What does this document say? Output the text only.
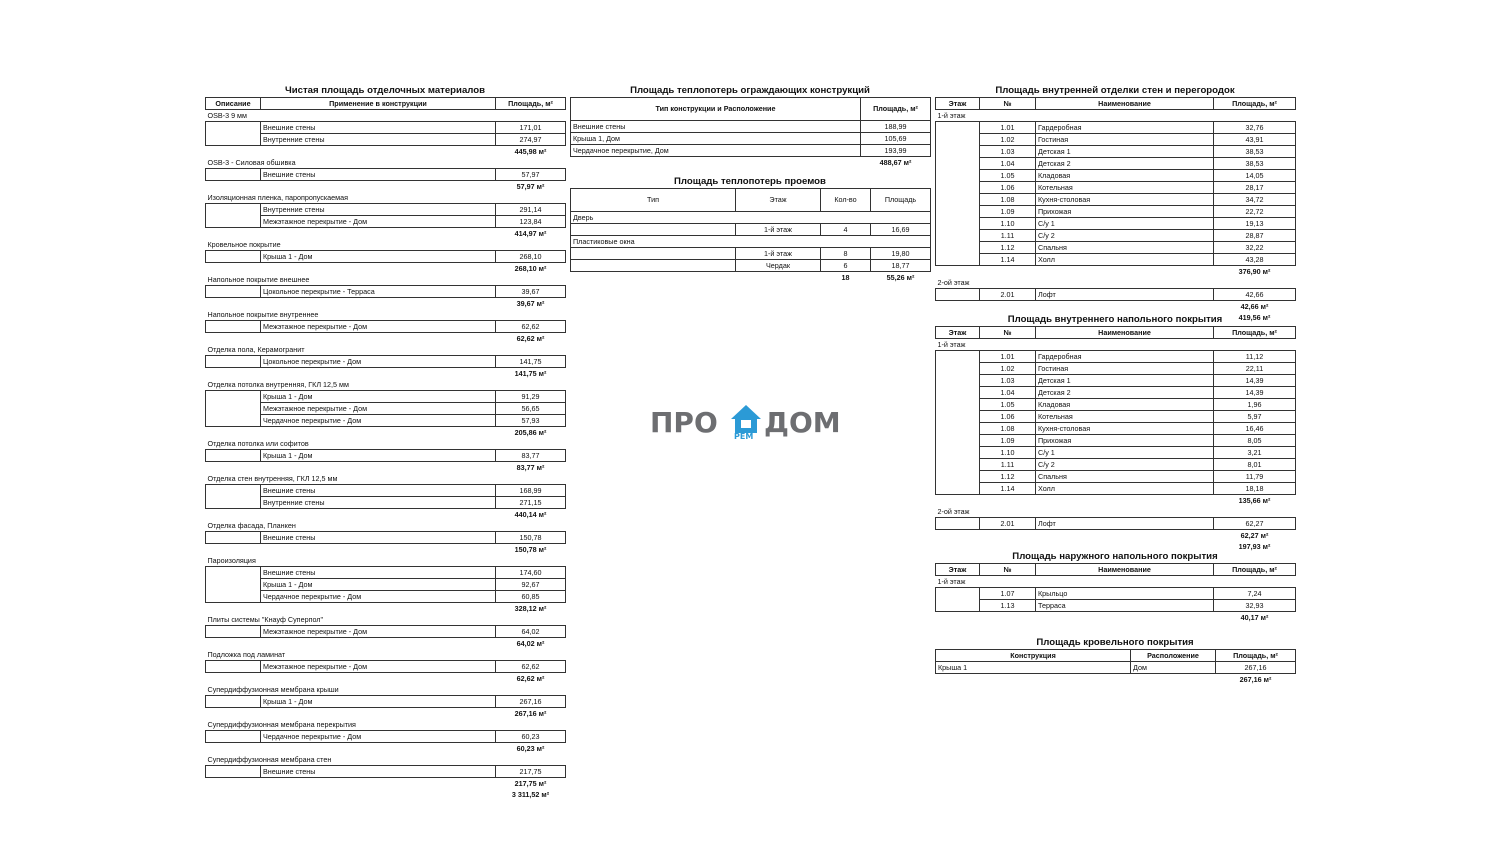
Чистая площадь отделочных материалов
Описание	Применение в конструкции	Площадь, м²
OSB-3 9 мм		
	Внешние стены	171,01
	Внутренние стены	274,97
		445,98 м²
OSB-3 - Силовая обшивка		
	Внешние стены	57,97
		57,97 м²
Изоляционная пленка, паропропускаемая		
	Внутренние стены	291,14
	Межэтажное перекрытие - Дом	123,84
		414,97 м²
Кровельное покрытие		
	Крыша 1 - Дом	268,10
		268,10 м²
Напольное покрытие внешнее		
	Цокольное перекрытие - Терраса	39,67
		39,67 м²
Напольное покрытие внутреннее		
	Межэтажное перекрытие - Дом	62,62
		62,62 м²
Отделка пола, Керамогранит		
	Цокольное перекрытие - Дом	141,75
		141,75 м²
Отделка потолка внутренняя, ГКЛ 12,5 мм		
	Крыша 1 - Дом	91,29
	Межэтажное перекрытие - Дом	56,65
	Чердачное перекрытие - Дом	57,93
		205,86 м²
Отделка потолка или софитов		
	Крыша 1 - Дом	83,77
		83,77 м²
Отделка стен внутренняя, ГКЛ 12,5 мм		
	Внешние стены	168,99
	Внутренние стены	271,15
		440,14 м²
Отделка фасада, Планкен		
	Внешние стены	150,78
		150,78 м²
Пароизоляция		
	Внешние стены	174,60
	Крыша 1 - Дом	92,67
	Чердачное перекрытие - Дом	60,85
		328,12 м²
Плиты системы "Кнауф Суперпол"		
	Межэтажное перекрытие - Дом	64,02
		64,02 м²
Подложка под ламинат		
	Межэтажное перекрытие - Дом	62,62
		62,62 м²
Супердиффузионная мембрана крыши		
	Крыша 1 - Дом	267,16
		267,16 м²
Супердиффузионная мембрана перекрытия		
	Чердачное перекрытие - Дом	60,23
		60,23 м²
Супердиффузионная мембрана стен		
	Внешние стены	217,75
		217,75 м²
		3 311,52 м²
Площадь теплопотерь ограждающих конструкций
Тип конструкции и Расположение	Площадь, м²
Внешние стены	188,99
Крыша 1, Дом	105,69
Чердачное перекрытие, Дом	193,99
	488,67 м²
Площадь теплопотерь проемов
Тип	Этаж	Кол-во	Площадь
Дверь			
	1-й этаж	4	16,69
Пластиковые окна			
	1-й этаж	8	19,80
	Чердак	6	18,77
		18	55,26 м²
ПРО РЕМ ДОМ
Площадь внутренней отделки стен и перегородок
Этаж	№	Наименование	Площадь, м²
1-й этаж			
	1.01	Гардеробная	32,76
	1.02	Гостиная	43,91
	1.03	Детская 1	38,53
	1.04	Детская 2	38,53
	1.05	Кладовая	14,05
	1.06	Котельная	28,17
	1.08	Кухня-столовая	34,72
	1.09	Прихожая	22,72
	1.10	С/у 1	19,13
	1.11	С/у 2	28,87
	1.12	Спальня	32,22
	1.14	Холл	43,28
			376,90 м²
2-ой этаж			
	2.01	Лофт	42,66
			42,66 м²
			419,56 м²
Площадь внутреннего напольного покрытия
Этаж	№	Наименование	Площадь, м²
1-й этаж			
	1.01	Гардеробная	11,12
	1.02	Гостиная	22,11
	1.03	Детская 1	14,39
	1.04	Детская 2	14,39
	1.05	Кладовая	1,96
	1.06	Котельная	5,97
	1.08	Кухня-столовая	16,46
	1.09	Прихожая	8,05
	1.10	С/у 1	3,21
	1.11	С/у 2	8,01
	1.12	Спальня	11,79
	1.14	Холл	18,18
			135,66 м²
2-ой этаж			
	2.01	Лофт	62,27
			62,27 м²
			197,93 м²
Площадь наружного напольного покрытия
Этаж	№	Наименование	Площадь, м²
1-й этаж			
	1.07	Крыльцо	7,24
	1.13	Терраса	32,93
			40,17 м²
Площадь кровельного покрытия
Конструкция	Расположение	Площадь, м²
Крыша 1	Дом	267,16
		267,16 м²
